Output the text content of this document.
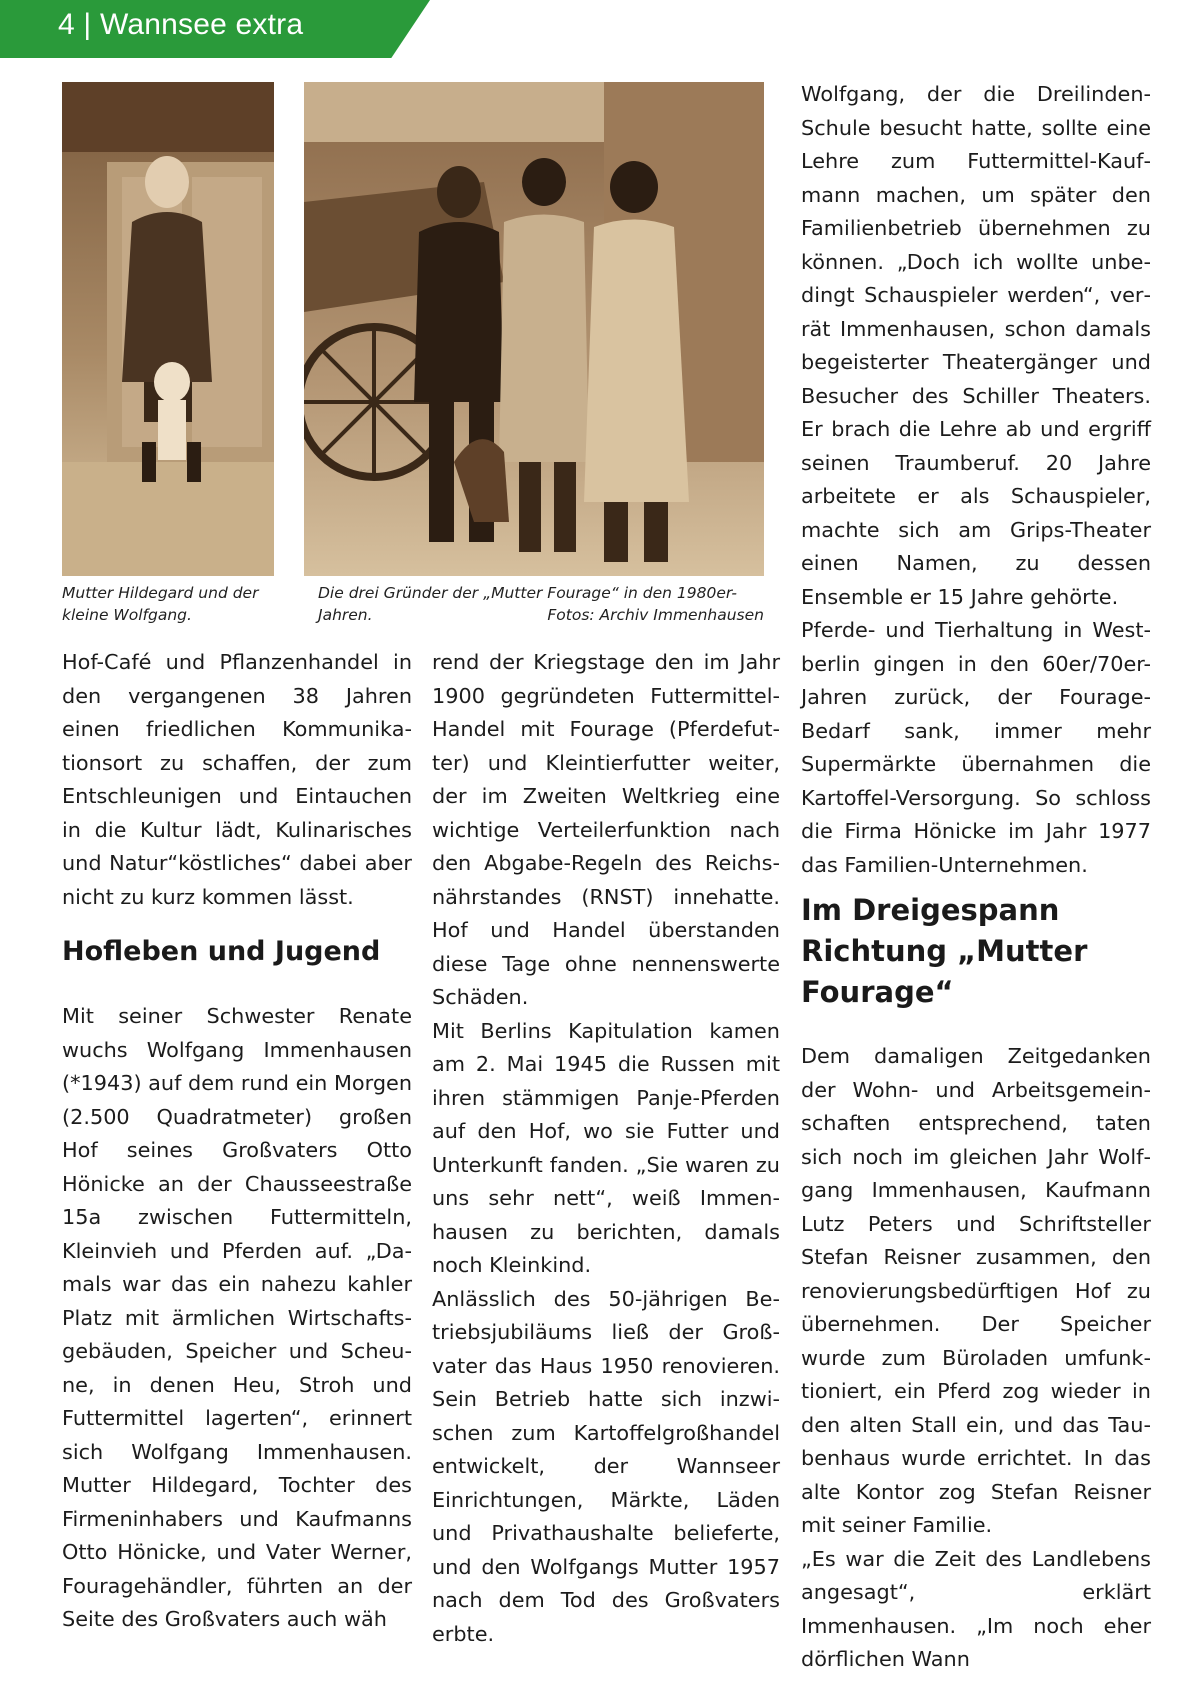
4 | Wannsee extra
Mutter Hildegard und der kleine Wolfgang.
Die drei Gründer der „Mutter Fourage“ in den 1980er-Jahren.	Fotos: Archiv Immenhausen

Hof-Café und Pflanzenhandel in den vergangenen 38 Jahren einen friedlichen Kommunikationsort zu schaffen, der zum Entschleunigen und Eintauchen in die Kultur lädt, Kulinarisches und Natur“köstliches“ dabei aber nicht zu kurz kommen lässt.

Hofleben und Jugend

Mit seiner Schwester Renate wuchs Wolfgang Immenhausen (*1943) auf dem rund ein Morgen (2.500 Quadratmeter) großen Hof seines Großvaters Otto Hönicke an der Chausseestraße 15a zwischen Futtermitteln, Kleinvieh und Pferden auf. „Damals war das ein nahezu kahler Platz mit ärmlichen Wirtschaftsgebäuden, Speicher und Scheune, in denen Heu, Stroh und Futtermittel lagerten“, erinnert sich Wolfgang Immenhausen. Mutter Hildegard, Tochter des Firmeninhabers und Kaufmanns Otto Hönicke, und Vater Werner, Fouragehändler, führten an der Seite des Großvaters auch wäh

rend der Kriegstage den im Jahr 1900 gegründeten FuttermittelHandel mit Fourage (Pferdefutter) und Kleintierfutter weiter, der im Zweiten Weltkrieg eine wichtige Verteilerfunktion nach den Abgabe-Regeln des Reichsnährstandes (RNST) innehatte. Hof und Handel überstanden diese Tage ohne nennenswerte Schäden.

Mit Berlins Kapitulation kamen am 2. Mai 1945 die Russen mit ihren stämmigen Panje-Pferden auf den Hof, wo sie Futter und Unterkunft fanden. „Sie waren zu uns sehr nett“, weiß Immenhausen zu berichten, damals noch Kleinkind.

Anlässlich des 50-jährigen Betriebsjubiläums ließ der Großvater das Haus 1950 renovieren. Sein Betrieb hatte sich inzwischen zum Kartoffelgroßhandel entwickelt, der Wannseer Einrichtungen, Märkte, Läden und Privathaushalte belieferte, und den Wolfgangs Mutter 1957 nach dem Tod des Großvaters erbte.

Wolfgang, der die Dreilinden-Schule besucht hatte, sollte eine Lehre zum Futtermittel-Kaufmann machen, um später den Familienbetrieb übernehmen zu können. „Doch ich wollte unbedingt Schauspieler werden“, verrät Immenhausen, schon damals begeisterter Theatergänger und Besucher des Schiller Theaters. Er brach die Lehre ab und ergriff seinen Traumberuf. 20 Jahre arbeitete er als Schauspieler, machte sich am Grips-Theater einen Namen, zu dessen Ensemble er 15 Jahre gehörte.

Pferde- und Tierhaltung in Westberlin gingen in den 60er/70er-Jahren zurück, der Fourage-Bedarf sank, immer mehr Supermärkte übernahmen die Kartoffel-Versorgung. So schloss die Firma Hönicke im Jahr 1977 das Familien-Unternehmen.

Im Dreigespann Richtung „Mutter Fourage“

Dem damaligen Zeitgedanken der Wohn- und Arbeitsgemeinschaften entsprechend, taten sich noch im gleichen Jahr Wolfgang Immenhausen, Kaufmann Lutz Peters und Schriftsteller Stefan Reisner zusammen, den renovierungsbedürftigen Hof zu übernehmen. Der Speicher wurde zum Büroladen umfunktioniert, ein Pferd zog wieder in den alten Stall ein, und das Taubenhaus wurde errichtet. In das alte Kontor zog Stefan Reisner mit seiner Familie.

„Es war die Zeit des Landlebens angesagt“, erklärt Immenhausen. „Im noch eher dörflichen Wann
